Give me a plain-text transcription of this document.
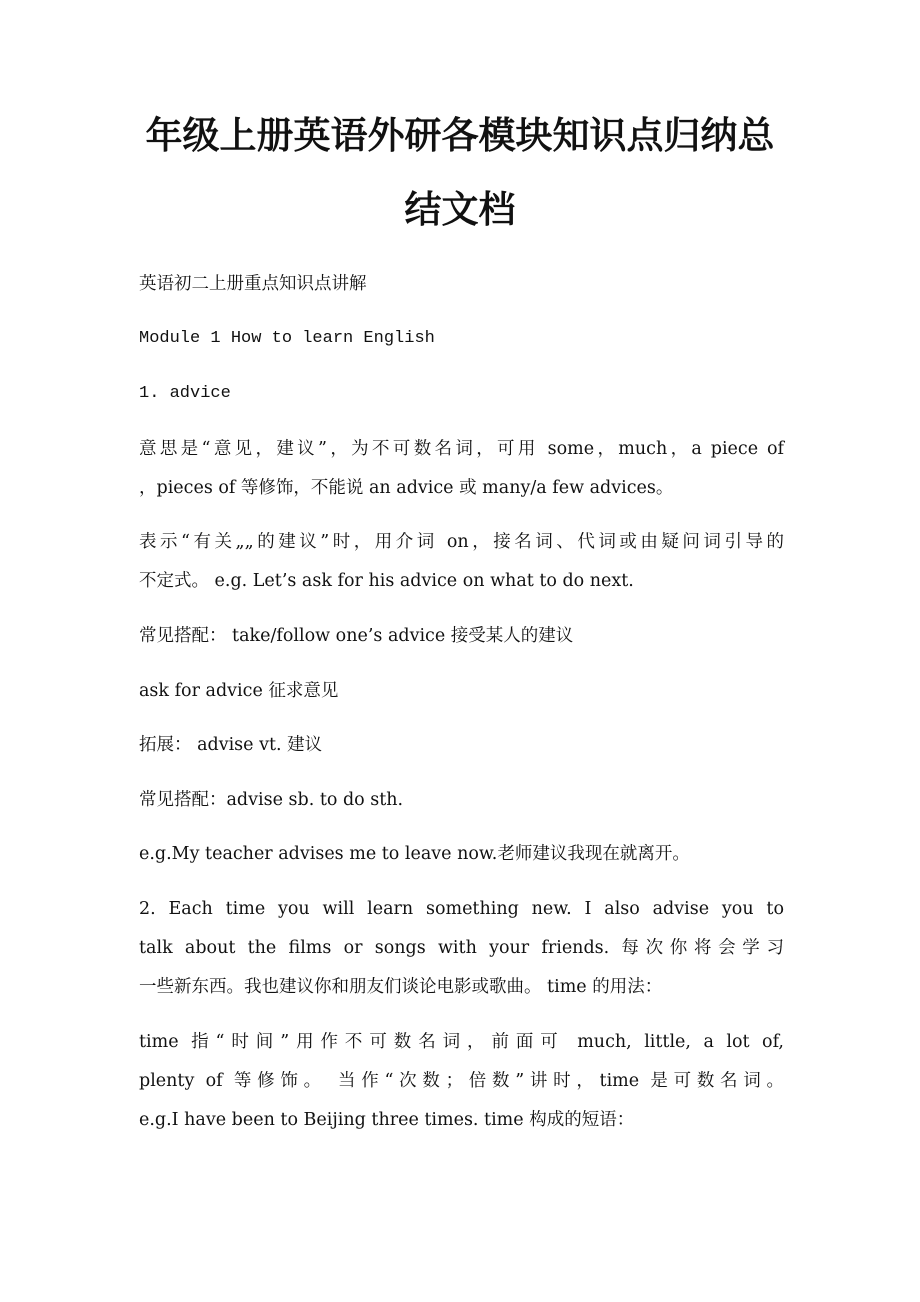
年级上册英语外研各模块知识点归纳总
结文档
英语初二上册重点知识点讲解
Module 1 How to learn English
1. advice
意思是“意见，建议”，为不可数名词，可用 some，much，a piece of
，pieces of 等修饰，不能说 an advice 或 many/a few advices。
表示“有关„„的建议”时，用介词 on，接名词、代词或由疑问词引导的
不定式。 e.g. Let’s ask for his advice on what to do next.
常见搭配： take/follow one’s advice 接受某人的建议
ask for advice 征求意见
拓展： advise vt. 建议
常见搭配：advise sb. to do sth.
e.g.My teacher advises me to leave now.老师建议我现在就离开。
2. Each time you will learn something new. I also advise you to
talk about the films or songs with your friends. 每次你将会学习
一些新东西。我也建议你和朋友们谈论电影或歌曲。 time 的用法：
time 指“时间”用作不可数名词，前面可 much, little, a lot of,
plenty of 等修饰。 当作“次数；倍数”讲时，time 是可数名词。
e.g.I have been to Beijing three times. time 构成的短语：
